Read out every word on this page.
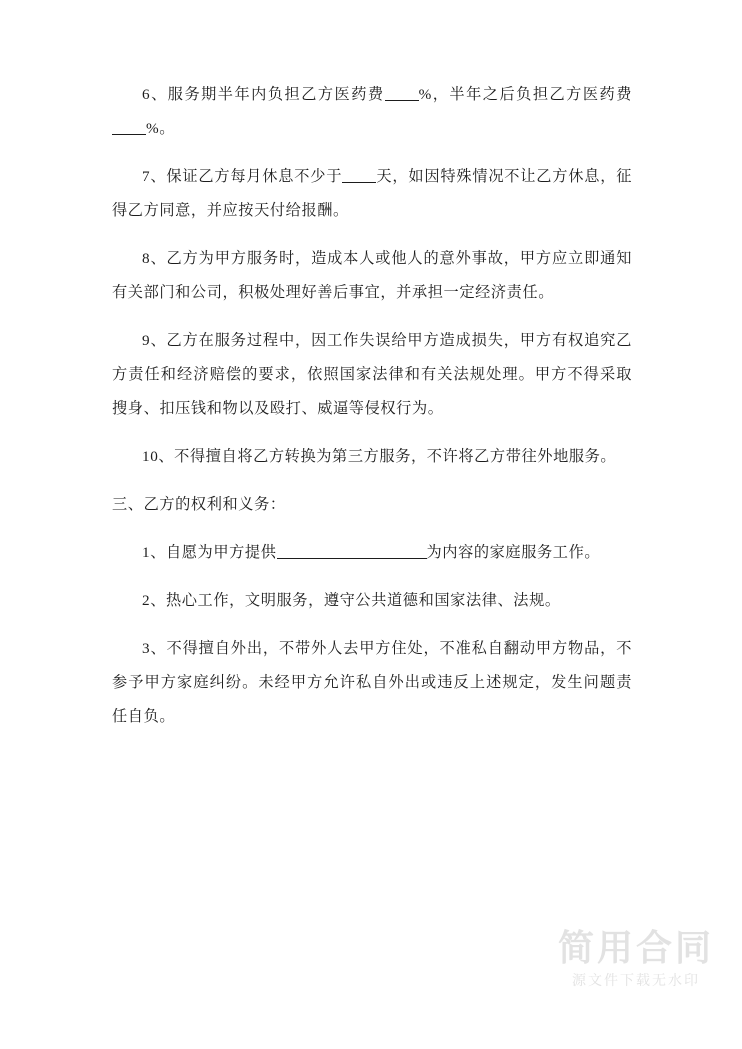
6、服务期半年内负担乙方医药费 %，半年之后负担乙方医药费%。

7、保证乙方每月休息不少于 天，如因特殊情况不让乙方休息，征得乙方同意，并应按天付给报酬。

8、乙方为甲方服务时，造成本人或他人的意外事故，甲方应立即通知有关部门和公司，积极处理好善后事宜，并承担一定经济责任。

9、乙方在服务过程中，因工作失误给甲方造成损失，甲方有权追究乙方责任和经济赔偿的要求，依照国家法律和有关法规处理。甲方不得采取搜身、扣压钱和物以及殴打、威逼等侵权行为。

10、不得擅自将乙方转换为第三方服务，不许将乙方带往外地服务。

三、乙方的权利和义务：

1、自愿为甲方提供	为内容的家庭服务工作。

2、热心工作，文明服务，遵守公共道德和国家法律、法规。

3、不得擅自外出，不带外人去甲方住处，不准私自翻动甲方物品，不参予甲方家庭纠纷。未经甲方允许私自外出或违反上述规定，发生问题责任自负。

简用合同
源文件下载无水印
